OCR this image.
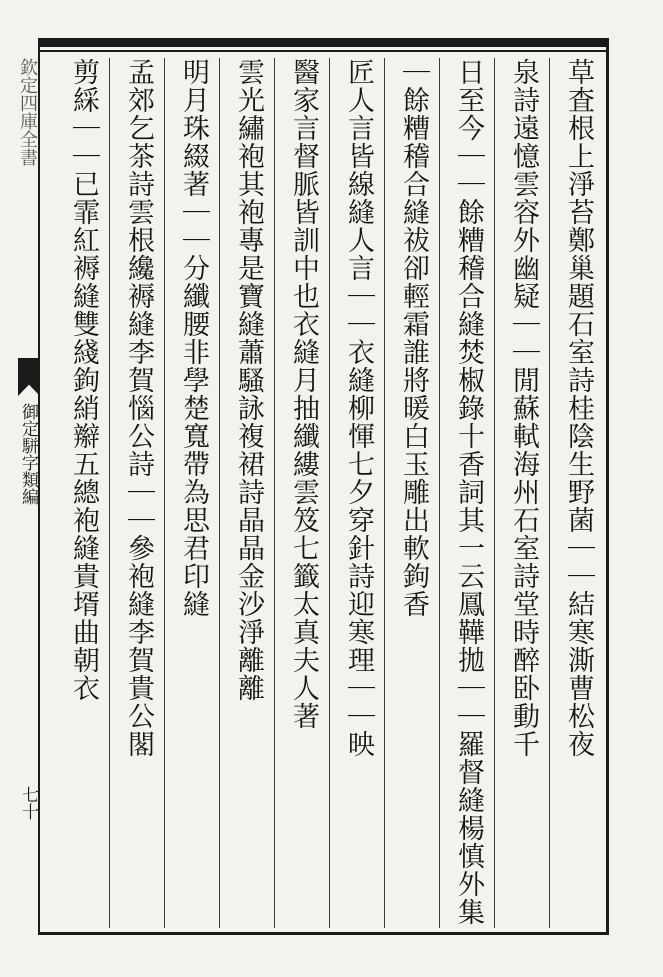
欽定四庫全書
御定駢字類編
七十
草査根上淨苔鄭巢題石室詩桂陰生野菌｜｜結寒澌曹松夜
泉詩遠憶雲容外幽疑｜｜閒蘇軾海州石室詩堂時醉卧動千
日至今｜｜餘糟稽合縫焚椒錄十香詞其一云鳳鞾拋｜｜羅督縫楊慎外集
｜餘糟稽合縫祓卻輕霜誰將暖白玉雕出軟鉤香
匠人言皆線縫人言｜｜衣縫柳惲七夕穿針詩迎寒理｜｜映
醫家言督脈皆訓中也衣縫月抽纖縷雲笈七籤太真夫人著
雲光繡袍其袍專是寶縫蕭騷詠複裙詩晶晶金沙淨離離
明月珠綴著｜｜分纖腰非學楚寬帶為思君印縫
孟郊乞茶詩雲根纔褥縫李賀惱公詩｜｜參袍縫李賀貴公閣
剪綵｜｜已霏紅褥縫雙綫鉤綃辮五總袍縫貴壻曲朝衣
